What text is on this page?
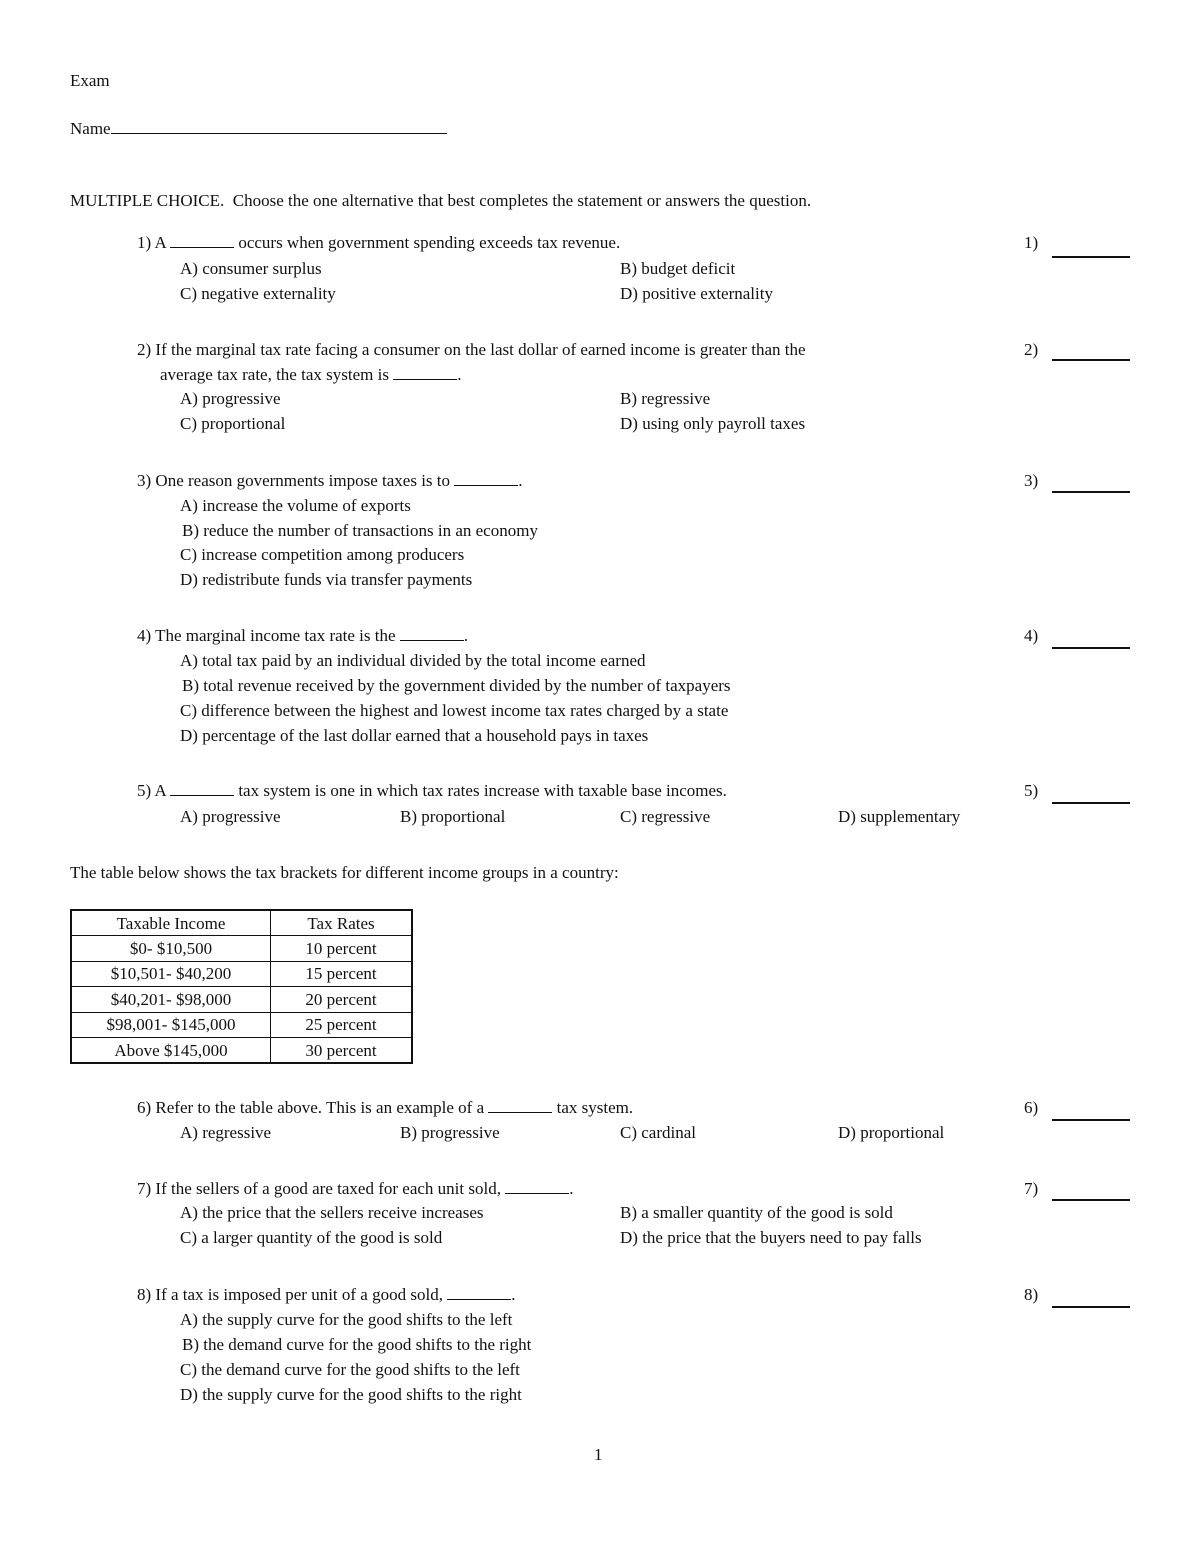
Exam
Name
MULTIPLE CHOICE. Choose the one alternative that best completes the statement or answers the question.
1) A	occurs when government spending exceeds tax revenue.	1)
A) consumer surplus	B) budget deficit
C) negative externality	D) positive externality
2) If the marginal tax rate facing a consumer on the last dollar of earned income is greater than the
average tax rate, the tax system is	.
2)
A) progressive	B) regressive
C) proportional	D) using only payroll taxes
3) One reason governments impose taxes is to	.	3)
A) increase the volume of exports
B) reduce the number of transactions in an economy
C) increase competition among producers
D) redistribute funds via transfer payments
4) The marginal income tax rate is the	.	4)
A) total tax paid by an individual divided by the total income earned
B) total revenue received by the government divided by the number of taxpayers
C) difference between the highest and lowest income tax rates charged by a state
D) percentage of the last dollar earned that a household pays in taxes
5) A	tax system is one in which tax rates increase with taxable base incomes.	5)
A) progressive	B) proportional	C) regressive	D) supplementary
The table below shows the tax brackets for different income groups in a country:
Taxable Income	Tax Rates
$0- $10,500	10 percent
$10,501- $40,200	15 percent
$40,201- $98,000	20 percent
$98,001- $145,000	25 percent
Above $145,000	30 percent
6) Refer to the table above. This is an example of a	tax system.	6)
A) regressive	B) progressive	C) cardinal	D) proportional
7) If the sellers of a good are taxed for each unit sold,	.	7)
A) the price that the sellers receive increases	B) a smaller quantity of the good is sold
C) a larger quantity of the good is sold	D) the price that the buyers need to pay falls
8) If a tax is imposed per unit of a good sold,	.	8)
A) the supply curve for the good shifts to the left
B) the demand curve for the good shifts to the right
C) the demand curve for the good shifts to the left
D) the supply curve for the good shifts to the right
1
